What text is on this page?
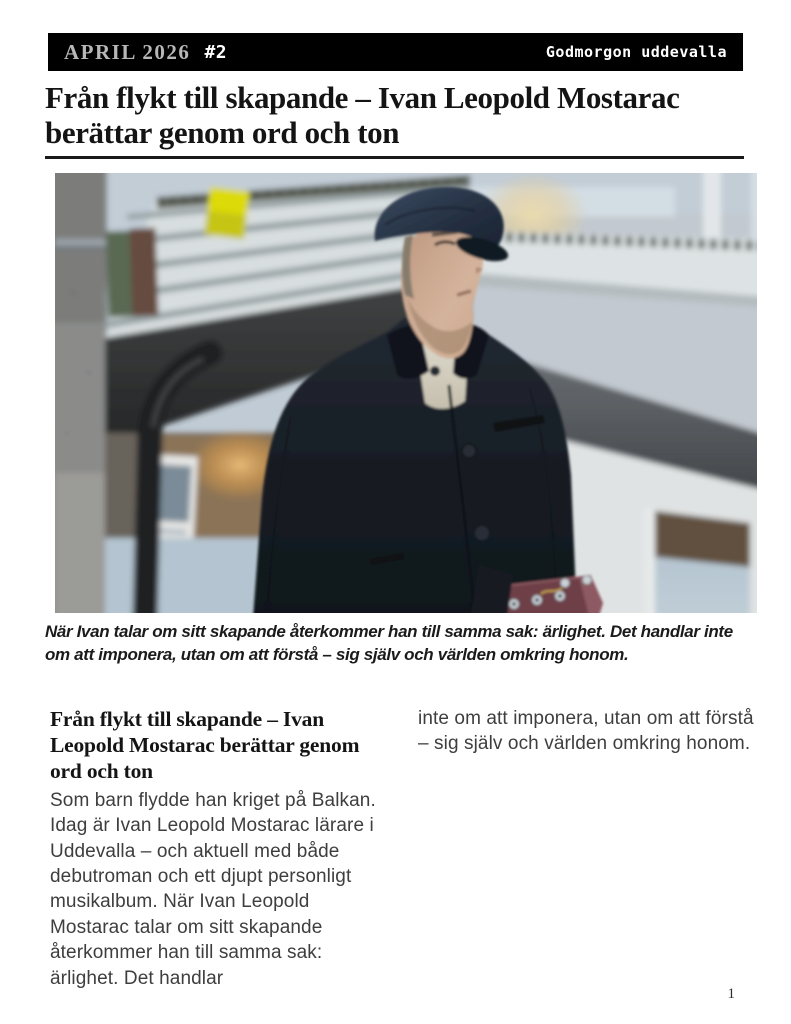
APRIL 2026 #2	Godmorgon uddevalla
Från flykt till skapande – Ivan Leopold Mostarac berättar genom ord och ton
När Ivan talar om sitt skapande återkommer han till samma sak: ärlighet. Det handlar inte om att imponera, utan om att förstå – sig själv och världen omkring honom.
Från flykt till skapande – Ivan Leopold Mostarac berättar genom ord och ton

Som barn flydde han kriget på Balkan. Idag är Ivan Leopold Mostarac lärare i Uddevalla – och aktuell med både debutroman och ett djupt personligt musikalbum. När Ivan Leopold Mostarac talar om sitt skapande återkommer han till samma sak: ärlighet. Det handlar

inte om att imponera, utan om att förstå – sig själv och världen omkring honom.

1
